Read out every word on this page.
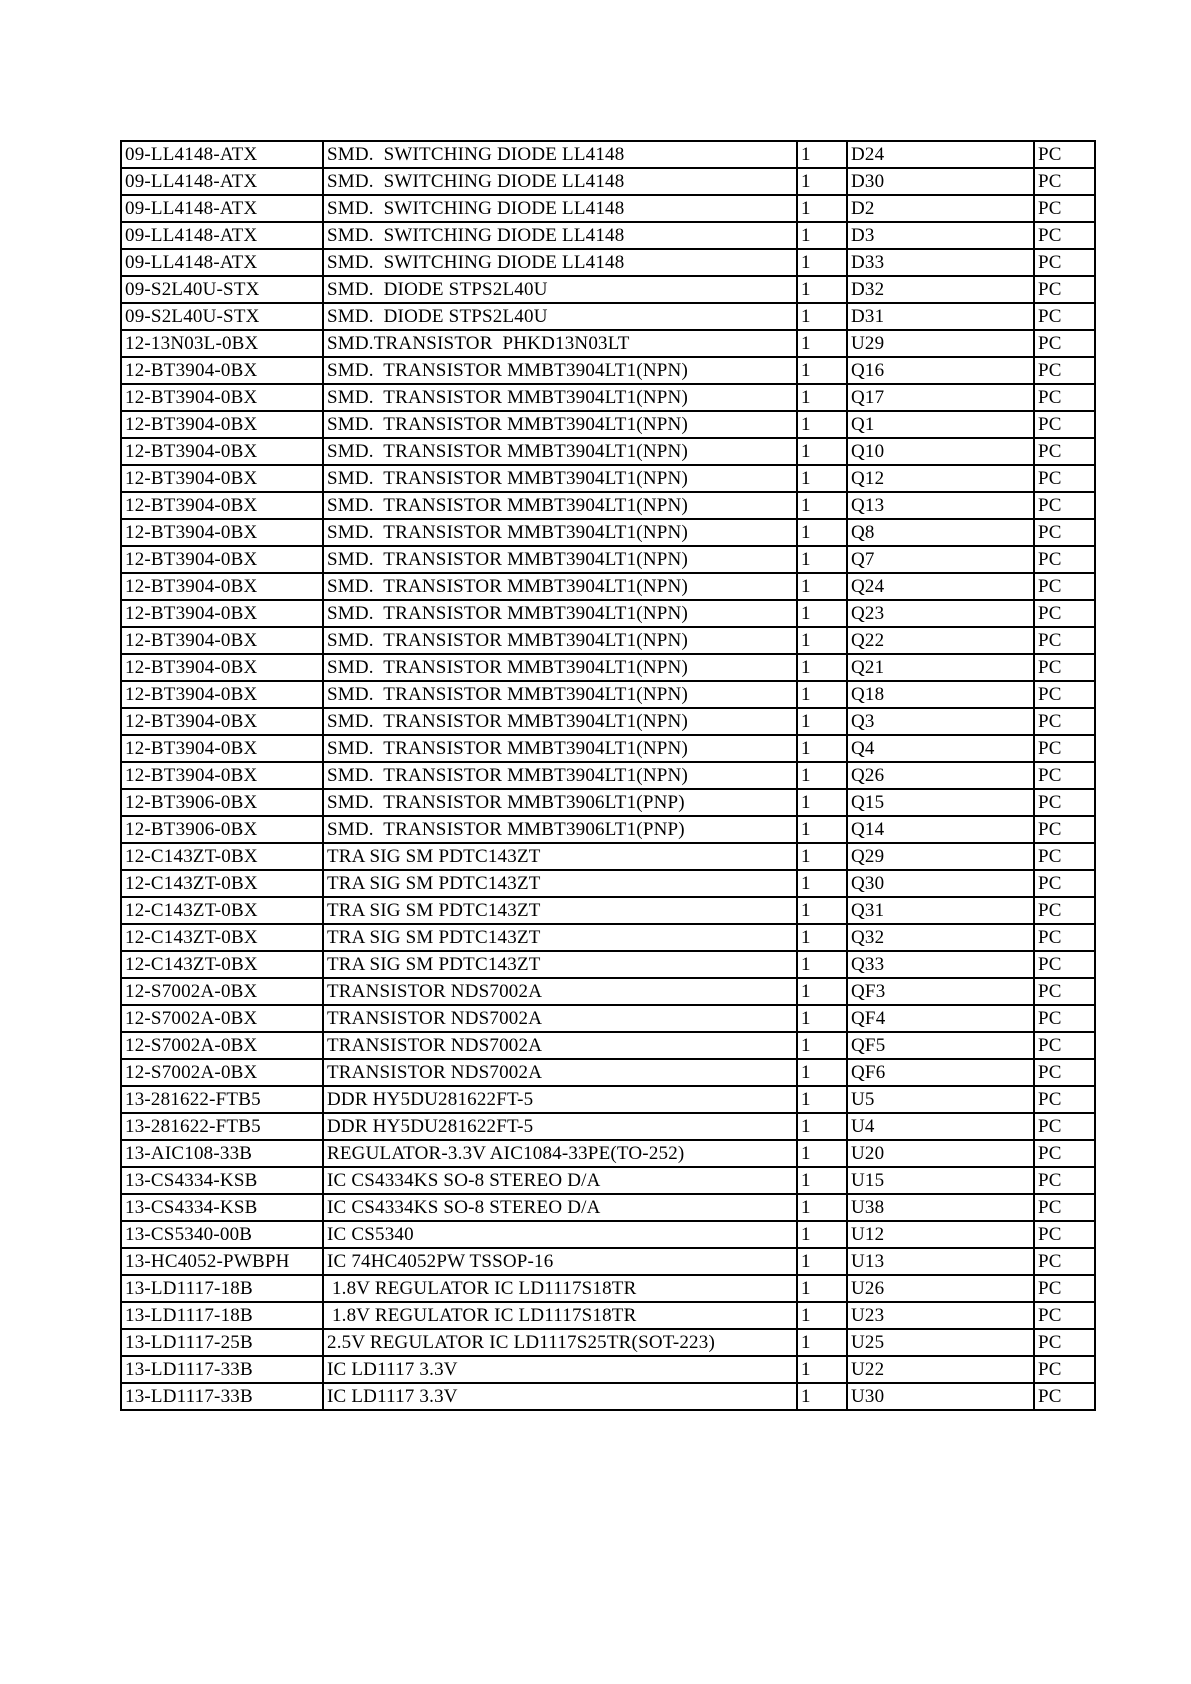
09-LL4148-ATX	SMD.  SWITCHING DIODE LL4148	1	D24	PC
09-LL4148-ATX	SMD.  SWITCHING DIODE LL4148	1	D30	PC
09-LL4148-ATX	SMD.  SWITCHING DIODE LL4148	1	D2	PC
09-LL4148-ATX	SMD.  SWITCHING DIODE LL4148	1	D3	PC
09-LL4148-ATX	SMD.  SWITCHING DIODE LL4148	1	D33	PC
09-S2L40U-STX	SMD.  DIODE STPS2L40U	1	D32	PC
09-S2L40U-STX	SMD.  DIODE STPS2L40U	1	D31	PC
12-13N03L-0BX	SMD.TRANSISTOR  PHKD13N03LT	1	U29	PC
12-BT3904-0BX	SMD.  TRANSISTOR MMBT3904LT1(NPN)	1	Q16	PC
12-BT3904-0BX	SMD.  TRANSISTOR MMBT3904LT1(NPN)	1	Q17	PC
12-BT3904-0BX	SMD.  TRANSISTOR MMBT3904LT1(NPN)	1	Q1	PC
12-BT3904-0BX	SMD.  TRANSISTOR MMBT3904LT1(NPN)	1	Q10	PC
12-BT3904-0BX	SMD.  TRANSISTOR MMBT3904LT1(NPN)	1	Q12	PC
12-BT3904-0BX	SMD.  TRANSISTOR MMBT3904LT1(NPN)	1	Q13	PC
12-BT3904-0BX	SMD.  TRANSISTOR MMBT3904LT1(NPN)	1	Q8	PC
12-BT3904-0BX	SMD.  TRANSISTOR MMBT3904LT1(NPN)	1	Q7	PC
12-BT3904-0BX	SMD.  TRANSISTOR MMBT3904LT1(NPN)	1	Q24	PC
12-BT3904-0BX	SMD.  TRANSISTOR MMBT3904LT1(NPN)	1	Q23	PC
12-BT3904-0BX	SMD.  TRANSISTOR MMBT3904LT1(NPN)	1	Q22	PC
12-BT3904-0BX	SMD.  TRANSISTOR MMBT3904LT1(NPN)	1	Q21	PC
12-BT3904-0BX	SMD.  TRANSISTOR MMBT3904LT1(NPN)	1	Q18	PC
12-BT3904-0BX	SMD.  TRANSISTOR MMBT3904LT1(NPN)	1	Q3	PC
12-BT3904-0BX	SMD.  TRANSISTOR MMBT3904LT1(NPN)	1	Q4	PC
12-BT3904-0BX	SMD.  TRANSISTOR MMBT3904LT1(NPN)	1	Q26	PC
12-BT3906-0BX	SMD.  TRANSISTOR MMBT3906LT1(PNP)	1	Q15	PC
12-BT3906-0BX	SMD.  TRANSISTOR MMBT3906LT1(PNP)	1	Q14	PC
12-C143ZT-0BX	TRA SIG SM PDTC143ZT	1	Q29	PC
12-C143ZT-0BX	TRA SIG SM PDTC143ZT	1	Q30	PC
12-C143ZT-0BX	TRA SIG SM PDTC143ZT	1	Q31	PC
12-C143ZT-0BX	TRA SIG SM PDTC143ZT	1	Q32	PC
12-C143ZT-0BX	TRA SIG SM PDTC143ZT	1	Q33	PC
12-S7002A-0BX	TRANSISTOR NDS7002A	1	QF3	PC
12-S7002A-0BX	TRANSISTOR NDS7002A	1	QF4	PC
12-S7002A-0BX	TRANSISTOR NDS7002A	1	QF5	PC
12-S7002A-0BX	TRANSISTOR NDS7002A	1	QF6	PC
13-281622-FTB5	DDR HY5DU281622FT-5	1	U5	PC
13-281622-FTB5	DDR HY5DU281622FT-5	1	U4	PC
13-AIC108-33B	REGULATOR-3.3V AIC1084-33PE(TO-252)	1	U20	PC
13-CS4334-KSB	IC CS4334KS SO-8 STEREO D/A	1	U15	PC
13-CS4334-KSB	IC CS4334KS SO-8 STEREO D/A	1	U38	PC
13-CS5340-00B	IC CS5340	1	U12	PC
13-HC4052-PWBPH	IC 74HC4052PW TSSOP-16	1	U13	PC
13-LD1117-18B	1.8V REGULATOR IC LD1117S18TR	1	U26	PC
13-LD1117-18B	1.8V REGULATOR IC LD1117S18TR	1	U23	PC
13-LD1117-25B	2.5V REGULATOR IC LD1117S25TR(SOT-223)	1	U25	PC
13-LD1117-33B	IC LD1117 3.3V	1	U22	PC
13-LD1117-33B	IC LD1117 3.3V	1	U30	PC
